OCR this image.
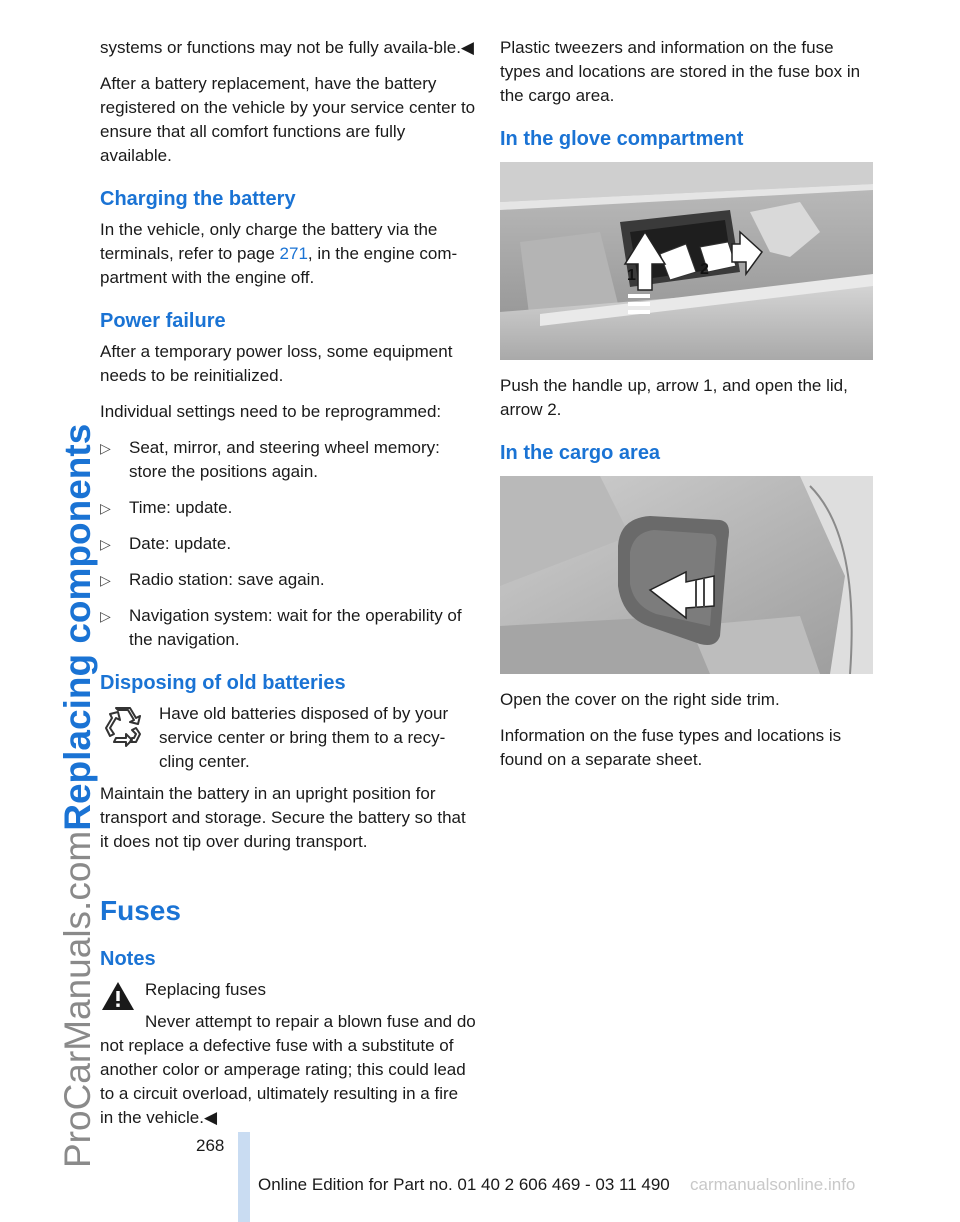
ProCarManuals.comReplacing components

systems or functions may not be fully availa-ble.◀

After a battery replacement, have the battery registered on the vehicle by your service center to ensure that all comfort functions are fully available.

Charging the battery

In the vehicle, only charge the battery via the terminals, refer to page 271, in the engine com-partment with the engine off.

Power failure

After a temporary power loss, some equipment needs to be reinitialized.

Individual settings need to be reprogrammed:

▷ Seat, mirror, and steering wheel memory: store the positions again.
▷ Time: update.
▷ Date: update.
▷ Radio station: save again.
▷ Navigation system: wait for the operability of the navigation.
Disposing of old batteries
Have old batteries disposed of by your service center or bring them to a recy-cling center.

Maintain the battery in an upright position for transport and storage. Secure the battery so that it does not tip over during transport.

Fuses
Notes

Replacing fuses

Never attempt to repair a blown fuse and do not replace a defective fuse with a substitute of another color or amperage rating; this could lead to a circuit overload, ultimately resulting in a fire in the vehicle.◀

Plastic tweezers and information on the fuse types and locations are stored in the fuse box in the cargo area.

In the glove compartment
1	2

Push the handle up, arrow 1, and open the lid, arrow 2.

In the cargo area

Open the cover on the right side trim.

Information on the fuse types and locations is found on a separate sheet.

268
Online Edition for Part no. 01 40 2 606 469 - 03 11 490 carmanualsonline.info
